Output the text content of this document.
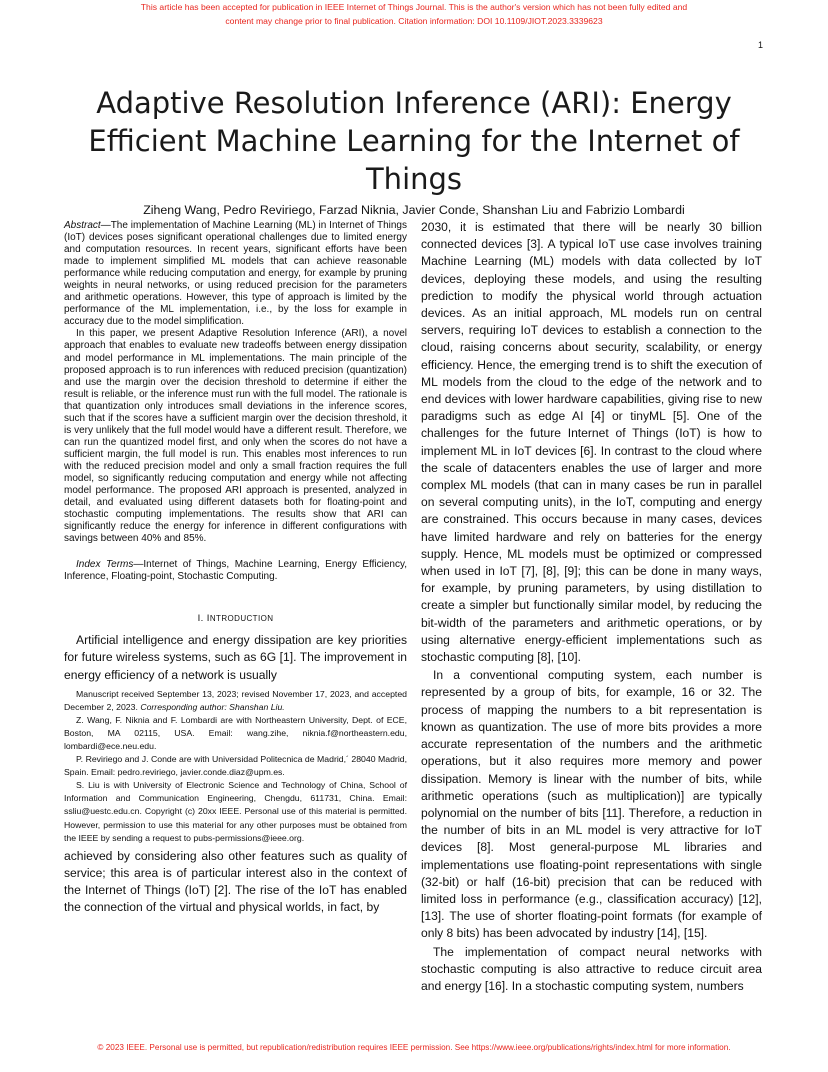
This article has been accepted for publication in IEEE Internet of Things Journal. This is the author's version which has not been fully edited and
content may change prior to final publication. Citation information: DOI 10.1109/JIOT.2023.3339623
1
Adaptive Resolution Inference (ARI): Energy Efficient Machine Learning for the Internet of Things
Ziheng Wang, Pedro Reviriego, Farzad Niknia, Javier Conde, Shanshan Liu and Fabrizio Lombardi

Abstract—The implementation of Machine Learning (ML) in Internet of Things (IoT) devices poses significant operational challenges due to limited energy and computation resources. In recent years, significant efforts have been made to implement simplified ML models that can achieve reasonable performance while reducing computation and energy, for example by pruning weights in neural networks, or using reduced precision for the parameters and arithmetic operations. However, this type of approach is limited by the performance of the ML implementation, i.e., by the loss for example in accuracy due to the model simplification.

In this paper, we present Adaptive Resolution Inference (ARI), a novel approach that enables to evaluate new tradeoffs between energy dissipation and model performance in ML implementations. The main principle of the proposed approach is to run inferences with reduced precision (quantization) and use the margin over the decision threshold to determine if either the result is reliable, or the inference must run with the full model. The rationale is that quantization only introduces small deviations in the inference scores, such that if the scores have a sufficient margin over the decision threshold, it is very unlikely that the full model would have a different result. Therefore, we can run the quantized model first, and only when the scores do not have a sufficient margin, the full model is run. This enables most inferences to run with the reduced precision model and only a small fraction requires the full model, so significantly reducing computation and energy while not affecting model performance. The proposed ARI approach is presented, analyzed in detail, and evaluated using different datasets both for floating-point and stochastic computing implementations. The results show that ARI can significantly reduce the energy for inference in different configurations with savings between 40% and 85%.

Index Terms—Internet of Things, Machine Learning, Energy Efficiency, Inference, Floating-point, Stochastic Computing.

I. INTRODUCTION

Artificial intelligence and energy dissipation are key priorities for future wireless systems, such as 6G [1]. The improvement in energy efficiency of a network is usually

Manuscript received September 13, 2023; revised November 17, 2023, and accepted December 2, 2023. Corresponding author: Shanshan Liu.

Z. Wang, F. Niknia and F. Lombardi are with Northeastern University, Dept. of ECE, Boston, MA 02115, USA. Email: wang.zihe, niknia.f@northeastern.edu, lombardi@ece.neu.edu.

P. Reviriego and J. Conde are with Universidad Politecnica de Madrid,´ 28040 Madrid, Spain. Email: pedro.reviriego, javier.conde.diaz@upm.es.

S. Liu is with University of Electronic Science and Technology of China, School of Information and Communication Engineering, Chengdu, 611731, China. Email: ssliu@uestc.edu.cn. Copyright (c) 20xx IEEE. Personal use of this material is permitted. However, permission to use this material for any other purposes must be obtained from the IEEE by sending a request to pubs-permissions@ieee.org.

achieved by considering also other features such as quality of service; this area is of particular interest also in the context of the Internet of Things (IoT) [2]. The rise of the IoT has enabled the connection of the virtual and physical worlds, in fact, by

2030, it is estimated that there will be nearly 30 billion connected devices [3]. A typical IoT use case involves training Machine Learning (ML) models with data collected by IoT devices, deploying these models, and using the resulting prediction to modify the physical world through actuation devices. As an initial approach, ML models run on central servers, requiring IoT devices to establish a connection to the cloud, raising concerns about security, scalability, or energy efficiency. Hence, the emerging trend is to shift the execution of ML models from the cloud to the edge of the network and to end devices with lower hardware capabilities, giving rise to new paradigms such as edge AI [4] or tinyML [5]. One of the challenges for the future Internet of Things (IoT) is how to implement ML in IoT devices [6]. In contrast to the cloud where the scale of datacenters enables the use of larger and more complex ML models (that can in many cases be run in parallel on several computing units), in the IoT, computing and energy are constrained. This occurs because in many cases, devices have limited hardware and rely on batteries for the energy supply. Hence, ML models must be optimized or compressed when used in IoT [7], [8], [9]; this can be done in many ways, for example, by pruning parameters, by using distillation to create a simpler but functionally similar model, by reducing the bit-width of the parameters and arithmetic operations, or by using alternative energy-efficient implementations such as stochastic computing [8], [10].

In a conventional computing system, each number is represented by a group of bits, for example, 16 or 32. The process of mapping the numbers to a bit representation is known as quantization. The use of more bits provides a more accurate representation of the numbers and the arithmetic operations, but it also requires more memory and power dissipation. Memory is linear with the number of bits, while arithmetic operations (such as multiplication)] are typically polynomial on the number of bits [11]. Therefore, a reduction in the number of bits in an ML model is very attractive for IoT devices [8]. Most general-purpose ML libraries and implementations use floating-point representations with single (32-bit) or half (16-bit) precision that can be reduced with limited loss in performance (e.g., classification accuracy) [12], [13]. The use of shorter floating-point formats (for example of only 8 bits) has been advocated by industry [14], [15].

The implementation of compact neural networks with stochastic computing is also attractive to reduce circuit area and energy [16]. In a stochastic computing system, numbers

© 2023 IEEE. Personal use is permitted, but republication/redistribution requires IEEE permission. See https://www.ieee.org/publications/rights/index.html for more information.
